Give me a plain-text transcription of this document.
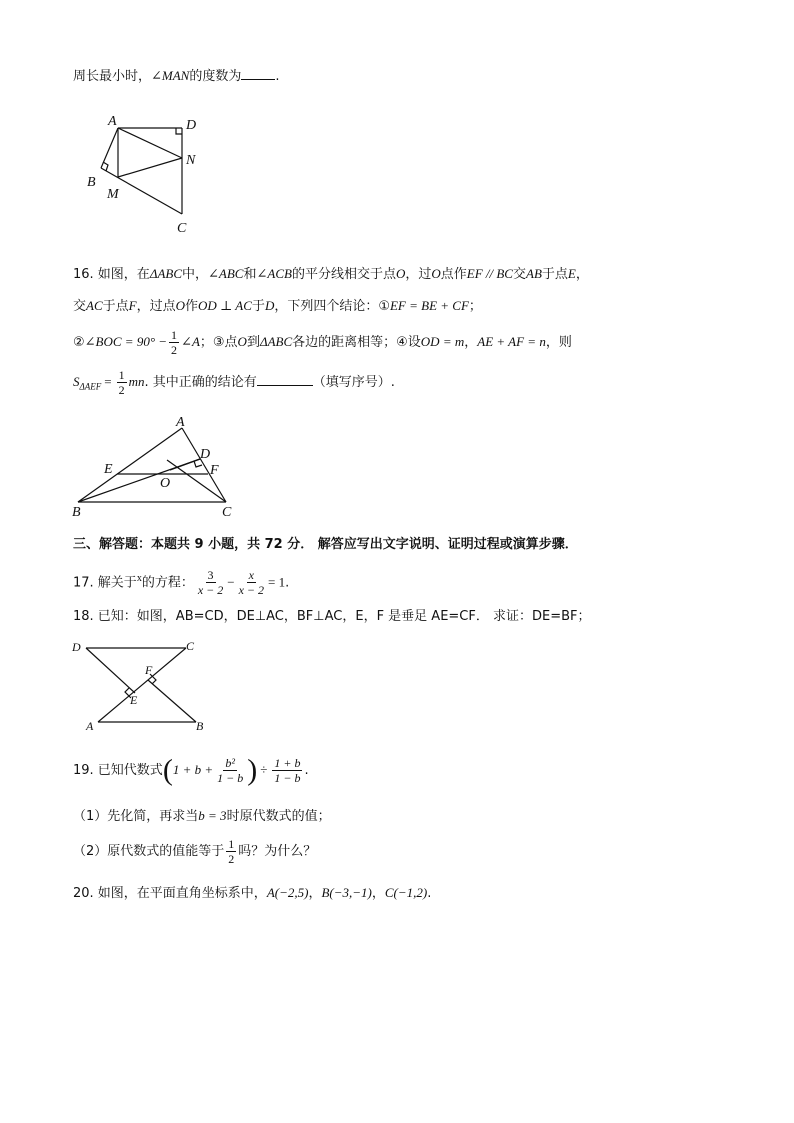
周长最小时，∠MAN的度数为	.
A	D
N
B
M
C
16. 如图，在ΔABC中，∠ABC和∠ACB的平分线相交于点O，过O点作EF // BC交AB于点E，
交AC于点F，过点O作OD ⊥ AC于D，下列四个结论：①EF = BE + CF；
②∠BOC = $90^\circ - \frac{1}{2}$ ∠A；③点O到ΔABC各边的距离相等；④设OD = m，AE + AF = n，则
$S_{\Delta AEF} = \frac{1}{2}$ mn. 其中正确的结论有	（填写序号）.
A
D
F
E
O
B	C
三、解答题：本题共 9 小题，共 72 分． 解答应写出文字说明、证明过程或演算步骤．
17. 解关于$^x$的方程： $\frac{3}{x - 2} - \frac{x}{x - 2} = 1$.
18. 已知：如图，AB=CD，DE⊥AC，BF⊥AC，E，F 是垂足 AE=CF． 求证：DE=BF；
D	C
F
E
A	B
19. 已知代数式($1 + b + \frac{\text{b²}}{1 - b}$ ) ÷ $\frac{1 + b}{1 - b}$ .
（1）先化简，再求当b = 3时原代数式的值；
（2）原代数式的值能等于 $\frac{1}{2}$ 吗？为什么？
20. 如图，在平面直角坐标系中，A(−2,5)，B(−3,−1)，C(−1,2).
